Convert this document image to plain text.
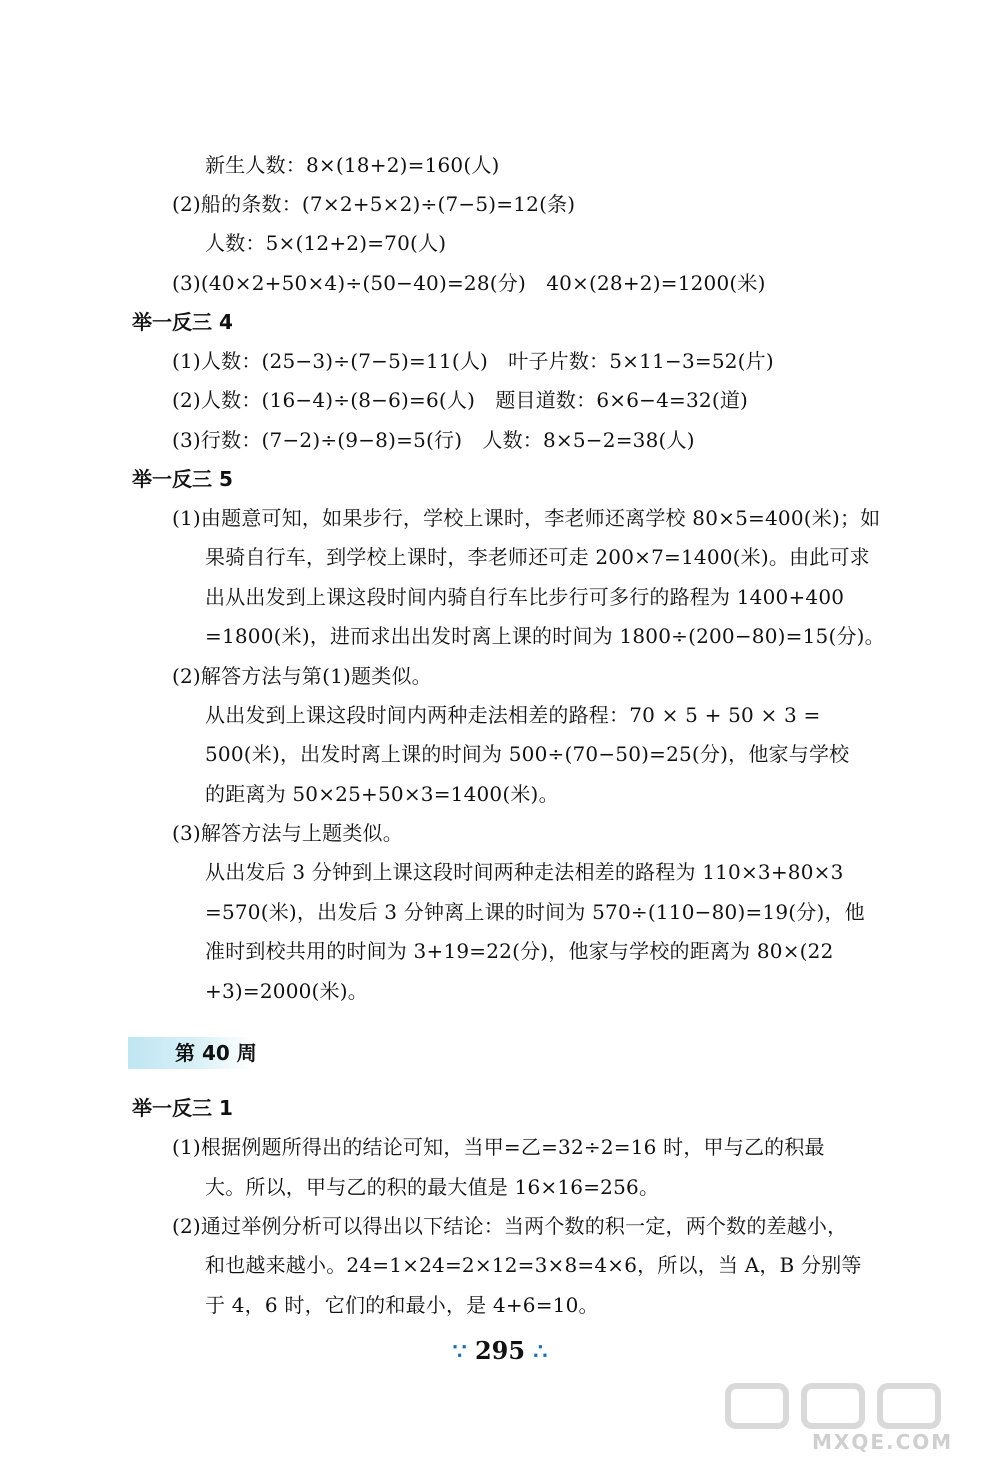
新生人数：8×(18+2)=160(人)
(2)船的条数：(7×2+5×2)÷(7−5)=12(条)
人数：5×(12+2)=70(人)
(3)(40×2+50×4)÷(50−40)=28(分)　40×(28+2)=1200(米)
举一反三 4
(1)人数：(25−3)÷(7−5)=11(人)　叶子片数：5×11−3=52(片)
(2)人数：(16−4)÷(8−6)=6(人)　题目道数：6×6−4=32(道)
(3)行数：(7−2)÷(9−8)=5(行)　人数：8×5−2=38(人)
举一反三 5
(1)由题意可知，如果步行，学校上课时，李老师还离学校 80×5=400(米)；如
果骑自行车，到学校上课时，李老师还可走 200×7=1400(米)。由此可求
出从出发到上课这段时间内骑自行车比步行可多行的路程为 1400+400
=1800(米)，进而求出出发时离上课的时间为 1800÷(200−80)=15(分)。
(2)解答方法与第(1)题类似。
从出发到上课这段时间内两种走法相差的路程：70 × 5 + 50 × 3 =
500(米)，出发时离上课的时间为 500÷(70−50)=25(分)，他家与学校
的距离为 50×25+50×3=1400(米)。
(3)解答方法与上题类似。
从出发后 3 分钟到上课这段时间两种走法相差的路程为 110×3+80×3
=570(米)，出发后 3 分钟离上课的时间为 570÷(110−80)=19(分)，他
准时到校共用的时间为 3+19=22(分)，他家与学校的距离为 80×(22
+3)=2000(米)。
第 40 周
举一反三 1
(1)根据例题所得出的结论可知，当甲=乙=32÷2=16 时，甲与乙的积最
大。所以，甲与乙的积的最大值是 16×16=256。
(2)通过举例分析可以得出以下结论：当两个数的积一定，两个数的差越小，
和也越来越小。24=1×24=2×12=3×8=4×6，所以，当 A，B 分别等
于 4，6 时，它们的和最小，是 4+6=10。
∵ 295 ∴
MXQE.COM
